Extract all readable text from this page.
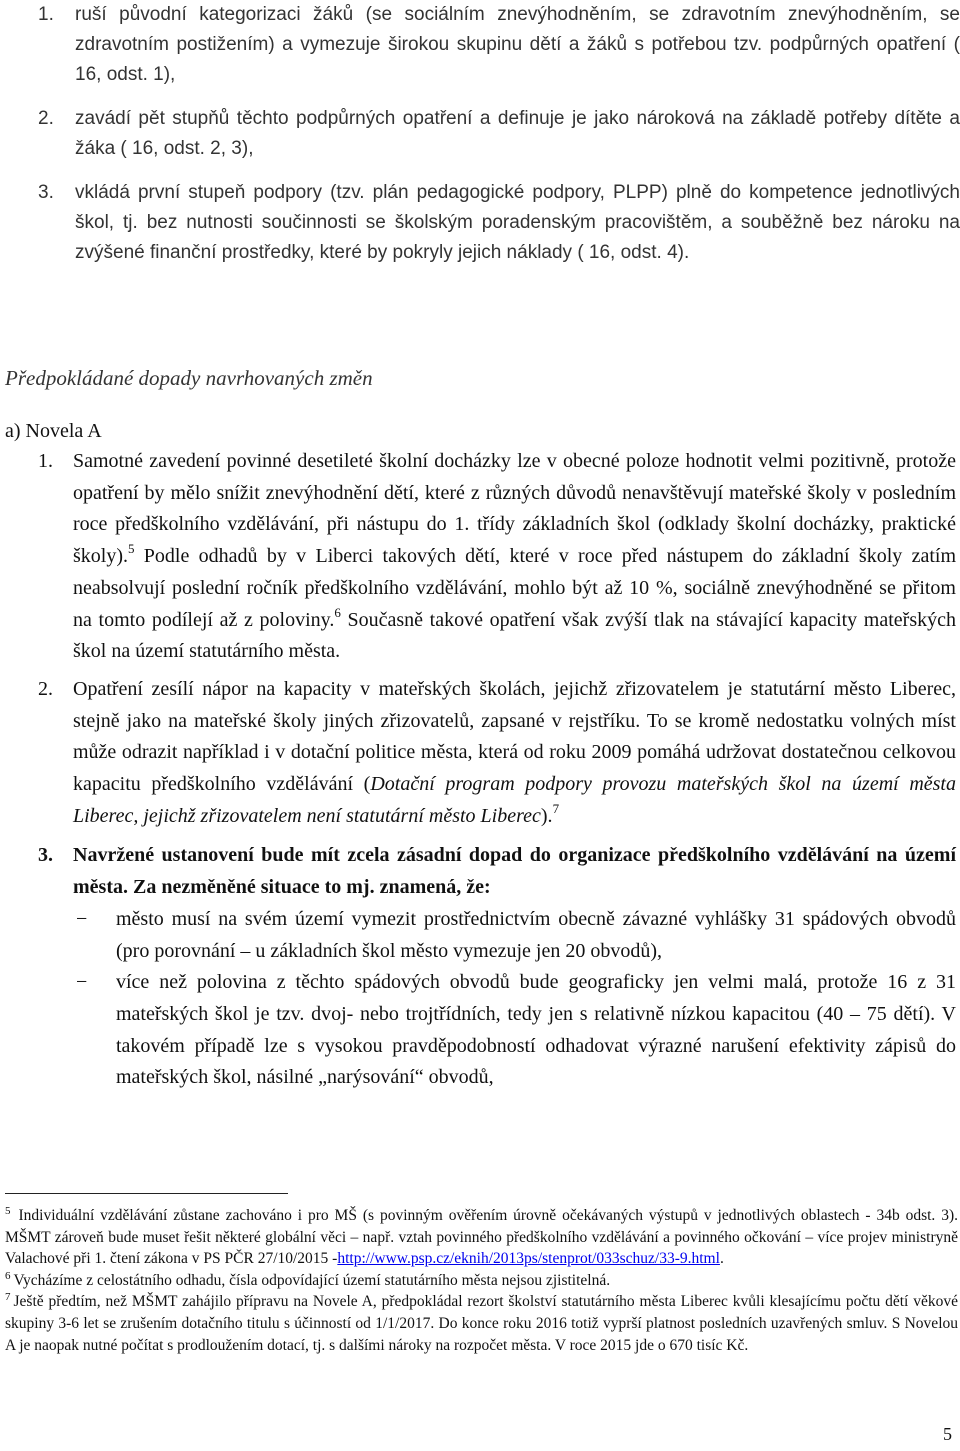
1. ruší původní kategorizaci žáků (se sociálním znevýhodněním, se zdravotním znevýhodněním, se zdravotním postižením) a vymezuje širokou skupinu dětí a žáků s potřebou tzv. podpůrných opatření ( 16, odst. 1),
2. zavádí pět stupňů těchto podpůrných opatření a definuje je jako nároková na základě potřeby dítěte a žáka ( 16, odst. 2, 3),
3. vkládá první stupeň podpory (tzv. plán pedagogické podpory, PLPP) plně do kompetence jednotlivých škol, tj. bez nutnosti součinnosti se školským poradenským pracovištěm, a souběžně bez nároku na zvýšené finanční prostředky, které by pokryly jejich náklady ( 16, odst. 4).
Předpokládané dopady navrhovaných změn
a) Novela A
1. Samotné zavedení povinné desetileté školní docházky lze v obecné poloze hodnotit velmi pozitivně, protože opatření by mělo snížit znevýhodnění dětí, které z různých důvodů nenavštěvují mateřské školy v posledním roce předškolního vzdělávání, při nástupu do 1. třídy základních škol (odklady školní docházky, praktické školy).$^5$ Podle odhadů by v Liberci takových dětí, které v roce před nástupem do základní školy zatím neabsolvují poslední ročník předškolního vzdělávání, mohlo být až 10 %, sociálně znevýhodněné se přitom na tomto podílejí až z poloviny.$^6$ Současně takové opatření však zvýší tlak na stávající kapacity mateřských škol na území statutárního města.
2. Opatření zesílí nápor na kapacity v mateřských školách, jejichž zřizovatelem je statutární město Liberec, stejně jako na mateřské školy jiných zřizovatelů, zapsané v rejstříku. To se kromě nedostatku volných míst může odrazit například i v dotační politice města, která od roku 2009 pomáhá udržovat dostatečnou celkovou kapacitu předškolního vzdělávání (Dotační program podpory provozu mateřských škol na území města Liberec, jejichž zřizovatelem není statutární město Liberec).$^7$
3. Navržené ustanovení bude mít zcela zásadní dopad do organizace předškolního vzdělávání na území města. Za nezměněné situace to mj. znamená, že:
− město musí na svém území vymezit prostřednictvím obecně závazné vyhlášky 31 spádových obvodů (pro porovnání – u základních škol město vymezuje jen 20 obvodů),
− více než polovina z těchto spádových obvodů bude geograficky jen velmi malá, protože 16 z 31 mateřských škol je tzv. dvoj- nebo trojtřídních, tedy jen s relativně nízkou kapacitou (40 – 75 dětí). V takovém případě lze s vysokou pravděpodobností odhadovat výrazné narušení efektivity zápisů do mateřských škol, násilné „narýsování“ obvodů,
$^5$ Individuální vzdělávání zůstane zachováno i pro MŠ (s povinným ověřením úrovně očekávaných výstupů v jednotlivých oblastech - 34b odst. 3). MŠMT zároveň bude muset řešit některé globální věci – např. vztah povinného předškolního vzdělávání a povinného očkování – více projev ministryně Valachové při 1. čtení zákona v PS PČR 27/10/2015 -http://www.psp.cz/eknih/2013ps/stenprot/033schuz/33-9.html.
$^6$ Vycházíme z celostátního odhadu, čísla odpovídající území statutárního města nejsou zjistitelná.
$^7$ Ještě předtím, než MŠMT zahájilo přípravu na Novele A, předpokládal rezort školství statutárního města Liberec kvůli klesajícímu počtu dětí věkové skupiny 3-6 let se zrušením dotačního titulu s účinností od 1/1/2017. Do konce roku 2016 totiž vyprší platnost posledních uzavřených smluv. S Novelou A je naopak nutné počítat s prodloužením dotací, tj. s dalšími nároky na rozpočet města. V roce 2015 jde o 670 tisíc Kč.
5
